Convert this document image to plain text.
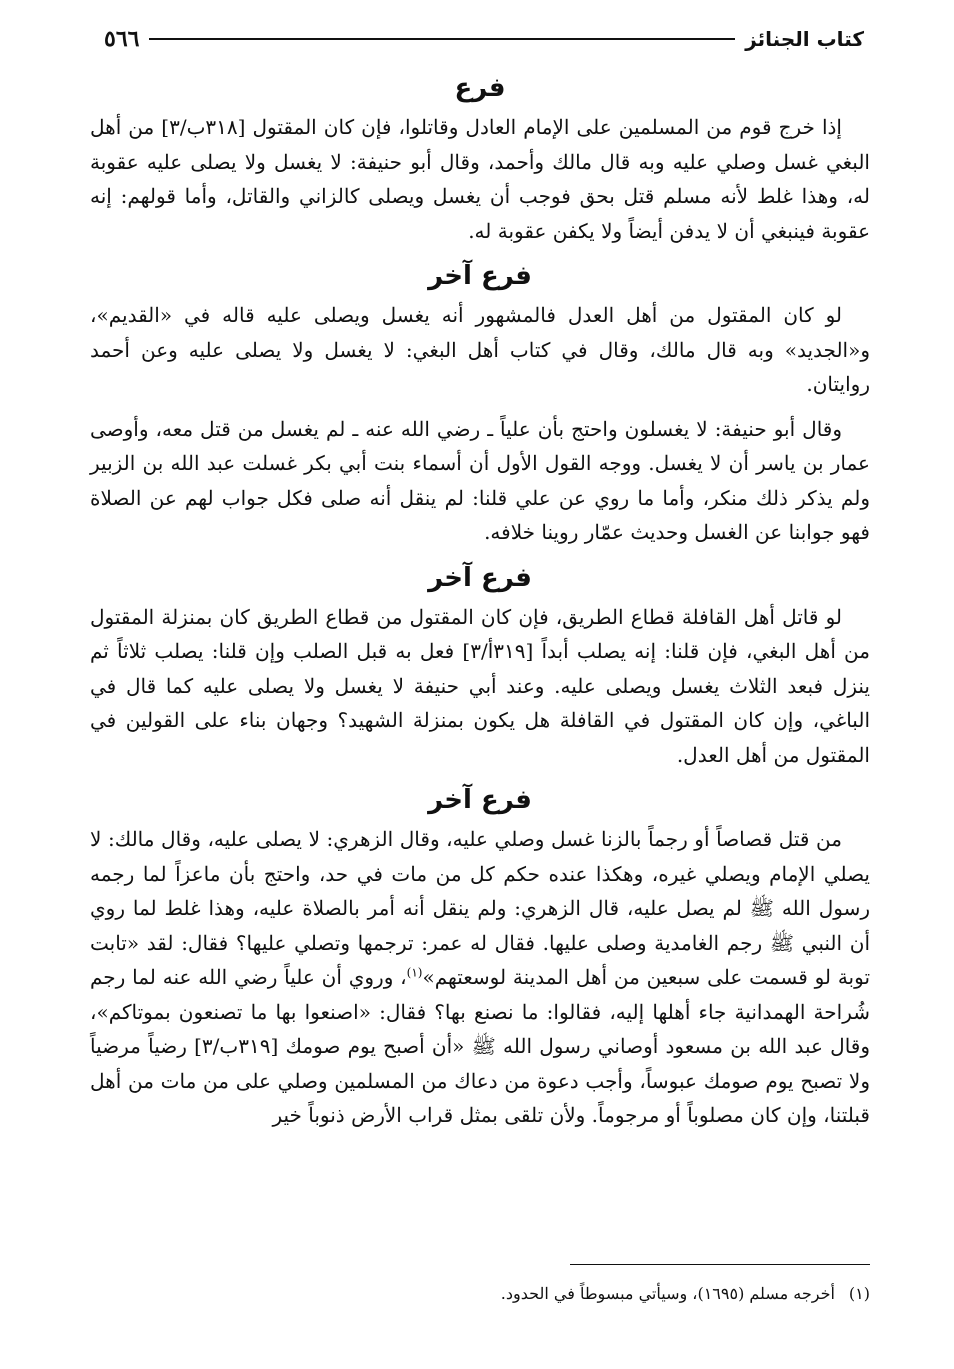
كتاب الجنائز
٥٦٦
فرع

إذا خرج قوم من المسلمين على الإمام العادل وقاتلوا، فإن كان المقتول [٣١٨ب/٣] من أهل البغي غسل وصلي عليه وبه قال مالك وأحمد، وقال أبو حنيفة: لا يغسل ولا يصلى عليه عقوبة له، وهذا غلط لأنه مسلم قتل بحق فوجب أن يغسل ويصلى كالزاني والقاتل، وأما قولهم: إنه عقوبة فينبغي أن لا يدفن أيضاً ولا يكفن عقوبة له.

فرع آخر

لو كان المقتول من أهل العدل فالمشهور أنه يغسل ويصلى عليه قاله في «القديم»، و«الجديد» وبه قال مالك، وقال في كتاب أهل البغي: لا يغسل ولا يصلى عليه وعن أحمد روايتان.

وقال أبو حنيفة: لا يغسلون واحتج بأن علياً ـ رضي الله عنه ـ لم يغسل من قتل معه، وأوصى عمار بن ياسر أن لا يغسل. ووجه القول الأول أن أسماء بنت أبي بكر غسلت عبد الله بن الزبير ولم يذكر ذلك منكر، وأما ما روي عن علي قلنا: لم ينقل أنه صلى فكل جواب لهم عن الصلاة فهو جوابنا عن الغسل وحديث عمّار روينا خلافه.

فرع آخر

لو قاتل أهل القافلة قطاع الطريق، فإن كان المقتول من قطاع الطريق كان بمنزلة المقتول من أهل البغي، فإن قلنا: إنه يصلب أبداً [٣١٩أ/٣] فعل به قبل الصلب وإن قلنا: يصلب ثلاثاً ثم ينزل فبعد الثلاث يغسل ويصلى عليه. وعند أبي حنيفة لا يغسل ولا يصلى عليه كما قال في الباغي، وإن كان المقتول في القافلة هل يكون بمنزلة الشهيد؟ وجهان بناء على القولين في المقتول من أهل العدل.

فرع آخر

من قتل قصاصاً أو رجماً بالزنا غسل وصلي عليه، وقال الزهري: لا يصلى عليه، وقال مالك: لا يصلي الإمام ويصلي غيره، وهكذا عنده حكم كل من مات في حد، واحتج بأن ماعزاً لما رجمه رسول الله ﷺ لم يصل عليه، قال الزهري: ولم ينقل أنه أمر بالصلاة عليه، وهذا غلط لما روي أن النبي ﷺ رجم الغامدية وصلى عليها. فقال له عمر: ترجمها وتصلي عليها؟ فقال: لقد «تابت توبة لو قسمت على سبعين من أهل المدينة لوسعتهم»$^{(١)}$، وروي أن علياً رضي الله عنه لما رجم شُراحة الهمدانية جاء أهلها إليه، فقالوا: ما نصنع بها؟ فقال: «اصنعوا بها ما تصنعون بموتاكم»، وقال عبد الله بن مسعود أوصاني رسول الله ﷺ «أن أصبح يوم صومك [٣١٩ب/٣] رضياً مرضياً ولا تصبح يوم صومك عبوساً، وأجب دعوة من دعاك من المسلمين وصلي على من مات من أهل قبلتنا، وإن كان مصلوباً أو مرجوماً. ولأن تلقى بمثل قراب الأرض ذنوباً خير

(١)أخرجه مسلم (١٦٩٥)، وسيأتي مبسوطاً في الحدود.
